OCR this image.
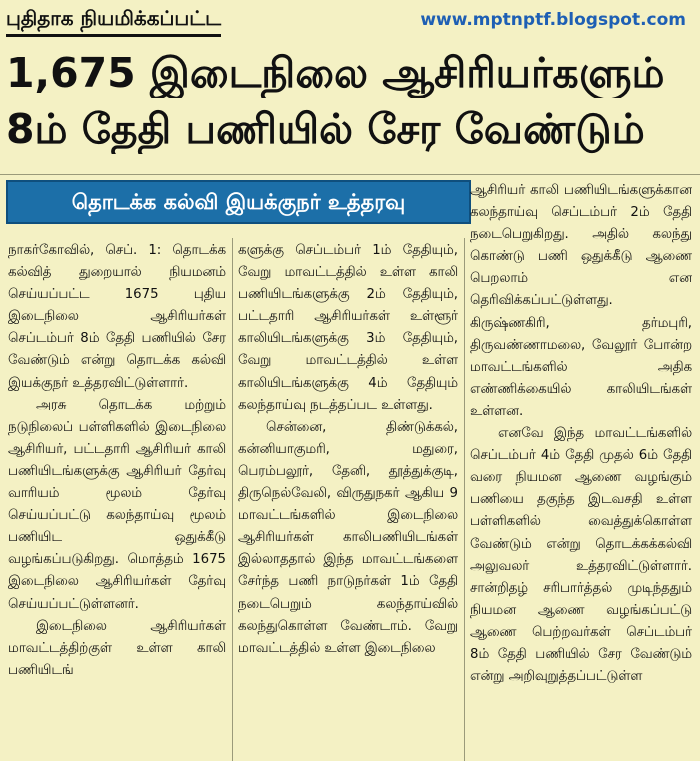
புதிதாக நியமிக்கப்பட்ட	www.mptnptf.blogspot.com
1,675 இடைநிலை ஆசிரியர்களும்
8ம் தேதி பணியில் சேர வேண்டும்
தொடக்க கல்வி இயக்குநர் உத்தரவு

நாகர்கோவில், செப். 1: தொடக்க கல்வித் துறையால் நியமனம் செய்யப்பட்ட 1675 புதிய இடைநிலை ஆசிரியர்கள் செப்டம்பர் 8ம் தேதி பணியில் சேர வேண்டும் என்று தொடக்க கல்வி இயக்குநர் உத்தரவிட்டுள்ளார்.

அரசு தொடக்க மற்றும் நடுநிலைப் பள்ளிகளில் இடைநிலை ஆசிரியர், பட்டதாரி ஆசிரியர் காலி பணியிடங்களுக்கு ஆசிரியர் தேர்வு வாரியம் மூலம் தேர்வு செய்யப்பட்டு கலந்தாய்வு மூலம் பணியிட ஒதுக்கீடு வழங்கப்படுகிறது. மொத்தம் 1675 இடைநிலை ஆசிரியர்கள் தேர்வு செய்யப்பட்டுள்ளனர்.

இடைநிலை ஆசிரியர்கள் மாவட்டத்திற்குள் உள்ள காலி பணியிடங்

களுக்கு செப்டம்பர் 1ம் தேதியும், வேறு மாவட்டத்தில் உள்ள காலி பணியிடங்களுக்கு 2ம் தேதியும், பட்டதாரி ஆசிரியர்கள் உள்ளூர் காலியிடங்களுக்கு 3ம் தேதியும், வேறு மாவட்டத்தில் உள்ள காலியிடங்களுக்கு 4ம் தேதியும் கலந்தாய்வு நடத்தப்பட உள்ளது.

சென்னை, திண்டுக்கல், கன்னியாகுமரி, மதுரை, பெரம்பலூர், தேனி, தூத்துக்குடி, திருநெல்வேலி, விருதுநகர் ஆகிய 9 மாவட்டங்களில் இடைநிலை ஆசிரியர்கள் காலிபணியிடங்கள் இல்லாததால் இந்த மாவட்டங்களை சேர்ந்த பணி நாடுநர்கள் 1ம் தேதி நடைபெறும் கலந்தாய்வில் கலந்துகொள்ள வேண்டாம். வேறு மாவட்டத்தில் உள்ள இடைநிலை

ஆசிரியர் காலி பணியிடங்களுக்கான கலந்தாய்வு செப்டம்பர் 2ம் தேதி நடைபெறுகிறது. அதில் கலந்து கொண்டு பணி ஒதுக்கீடு ஆணை பெறலாம் என தெரிவிக்கப்பட்டுள்ளது. கிருஷ்ணகிரி, தர்மபுரி, திருவண்ணாமலை, வேலூர் போன்ற மாவட்டங்களில் அதிக எண்ணிக்கையில் காலியிடங்கள் உள்ளன.

எனவே இந்த மாவட்டங்களில் செப்டம்பர் 4ம் தேதி முதல் 6ம் தேதி வரை நியமன ஆணை வழங்கும் பணியை தகுந்த இடவசதி உள்ள பள்ளிகளில் வைத்துக்கொள்ள வேண்டும் என்று தொடக்கக்கல்வி அலுவலர் உத்தரவிட்டுள்ளார். சான்றிதழ் சரிபார்த்தல் முடிந்ததும் நியமன ஆணை வழங்கப்பட்டு ஆணை பெற்றவர்கள் செப்டம்பர் 8ம் தேதி பணியில் சேர வேண்டும் என்று அறிவுறுத்தப்பட்டுள்ள
